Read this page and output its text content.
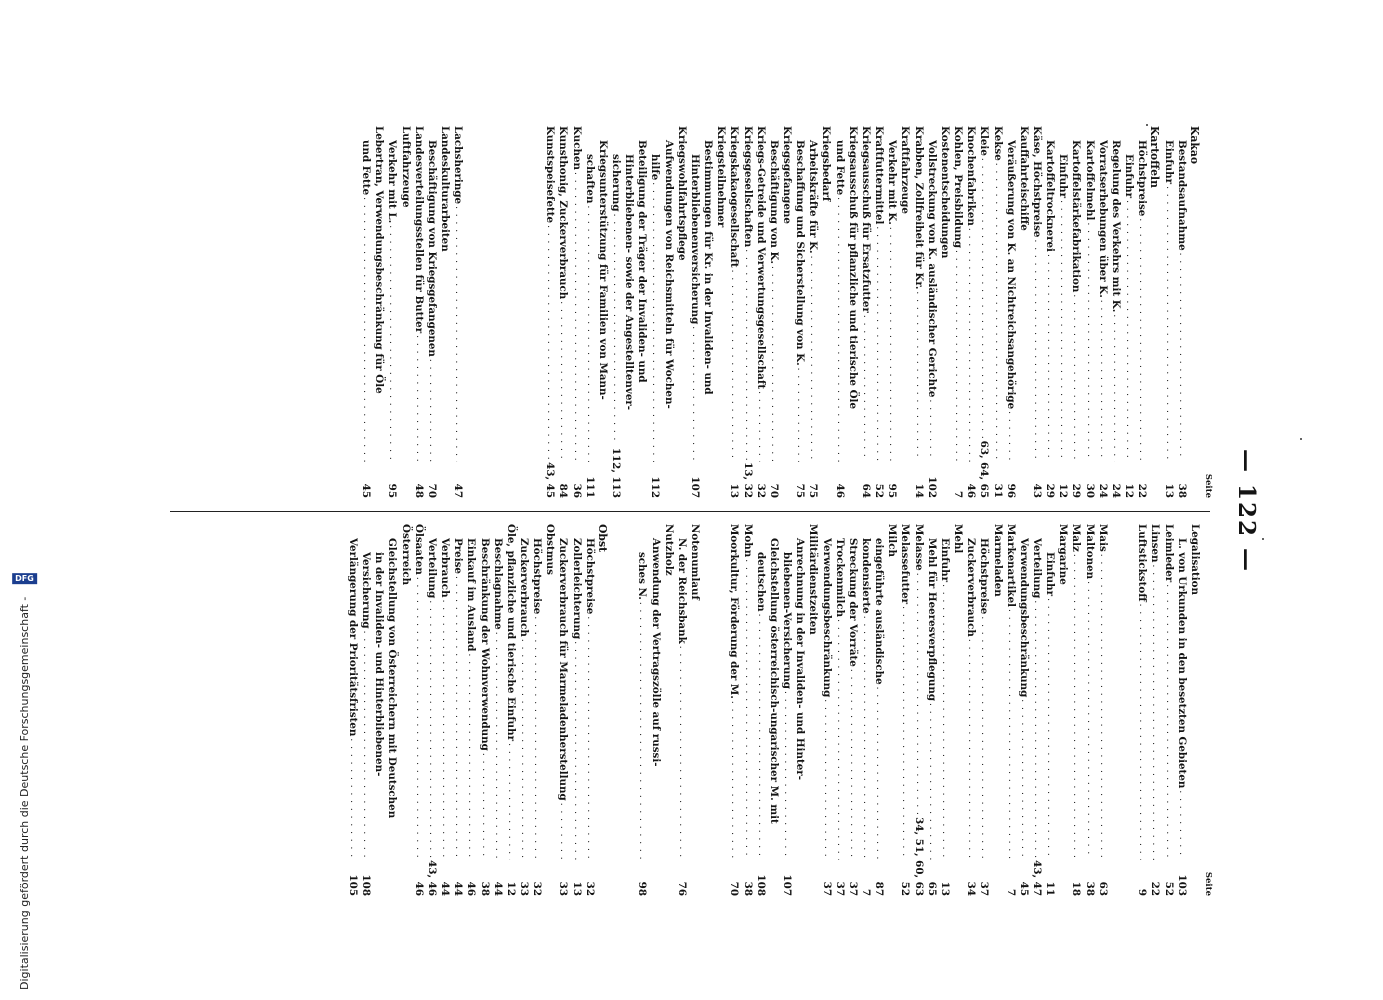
— 122 —
Seite
Kakao
Bestandsaufnahme
. . .
38
Einfuhr
. . .
13
Kartoffeln
Höchstpreise
. . .
22
Einfuhr
. . .
12
Regelung des Verkehrs mit K.
. . .
24
Vorratserhebungen über K.
. . .
24
Kartoffelmehl
. . .
30
Kartoffelstärkefabrikation
. . .
29
Einfuhr
. . .
12
Kartoffeltrocknerei
. . .
29
Käse, Höchstpreise
. . .
43
Kauffahrteischiffe
Veräußerung von K. an Nichtreichsangehörige
. . .
96
Kekse
. . .
31
Kleie
. . .
63, 64, 65
Knochenfabriken
. . .
46
Kohlen, Preisbildung
. . .
7
Kostenentscheidungen
Vollstreckung von K. ausländischer Gerichte
. . .
102
Krabben, Zollfreiheit für Kr.
. . .
14
Kraftfahrzeuge
Verkehr mit K.
. . .
95
Kraftfuttermittel
. . .
52
Kriegsausschuß für Ersatzfutter
. . .
64
Kriegsausschuß für pflanzliche und tierische Öle
und Fette
. . .
46
Kriegsbedarf
Arbeitskräfte für K.
. . .
75
Beschaffung und Sicherstellung von K.
. . .
75
Kriegsgefangene
Beschäftigung von K.
. . .
70
Kriegs-Getreide und Verwertungsgesellschaft
. . .
32
Kriegsgesellschaften
. . .
13, 32
Kriegskakaogesellschaft
. . .
13
Kriegsteilnehmer
Bestimmungen für Kr. in der Invaliden- und
Hinterbliebenenversicherung
. . .
107
Kriegswohlfahrtspflege
Aufwendungen von Reichsmitteln für Wochen-
hilfe
. . .
112
Beteiligung der Träger der Invaliden- und
Hinterbliebenen- sowie der Angestelltenver-
sicherung
. . .
112, 113
Kriegsunterstützung für Familien von Mann-
schaften
. . .
111
Kuchen
. . .
36
Kunsthonig, Zuckerverbrauch
. . .
84
Kunstspeisefette
. . .
43, 45
Lachsheringe
. . .
47
Landeskulturarbeiten
Beschäftigung von Kriegsgefangenen
. . .
70
Landesverteilungsstellen für Butter
. . .
48
Luftfahrzeuge
Verkehr mit L.
. . .
95
Lebertran, Verwendungsbeschränkung für Öle
und Fette
. . .
45
Seite
Legalisation
L. von Urkunden in den besetzten Gebieten
. . .
103
Leimleder
. . .
52
Linsen
. . .
22
Luftstickstoff
. . .
9
Mais
. . .
63
Maltonen
. . .
38
Malz
. . .
18
Margarine
Einfuhr
. . .
11
Verteilung
. . .
43, 47
Verwendungsbeschränkung
. . .
45
Markenartikel
. . .
7
Marmeladen
Höchstpreise
. . .
37
Zuckerverbrauch
. . .
34
Mehl
Einfuhr
. . .
13
Mehl für Heeresverpflegung
. . .
65
Melasse
. . .
34, 51, 60, 63
Melassefutter
. . .
52
Milch
eingeführte ausländische
. . .
87
kondensierte
. . .
7
Streckung der Vorräte
. . .
37
Trockenmilch
. . .
37
Verwendungsbeschränkung
. . .
37
Militärdienstzeiten
Anrechnung in der Invaliden- und Hinter-
bliebenen-Versicherung
. . .
107
Gleichstellung österreichisch-ungarischer M. mit
deutschen
. . .
108
Mohn
. . .
38
Moorkultur, Förderung der M.
. . .
70
Notenumlauf
N. der Reichsbank
. . .
76
Nutzholz
Anwendung der Vertragszölle auf russi-
sches N.
. . .
98
Obst
Höchstpreise
. . .
32
Zollerleichterung
. . .
13
Zuckerverbrauch für Marmeladenherstellung
. . .
33
Obstmus
Höchstpreise
. . .
32
Zuckerverbrauch
. . .
33
Öle, pflanzliche und tierische Einfuhr
. . .
12
Beschlagnahme
. . .
44
Beschränkung der Wohnverwendung
. . .
38
Einkauf im Ausland
. . .
46
Preise
. . .
44
Verbrauch
. . .
44
Verteilung
. . .
43, 46
Ölsaaten
. . .
46
Österreich
Gleichstellung von Österreichern mit Deutschen
in der Invaliden- und Hinterbliebenen-
Versicherung
. . .
108
Verlängerung der Prioritätsfristen
. . .
105
Digitalisierung gefördert durch die Deutsche Forschungsgemeinschaft -
DFG
